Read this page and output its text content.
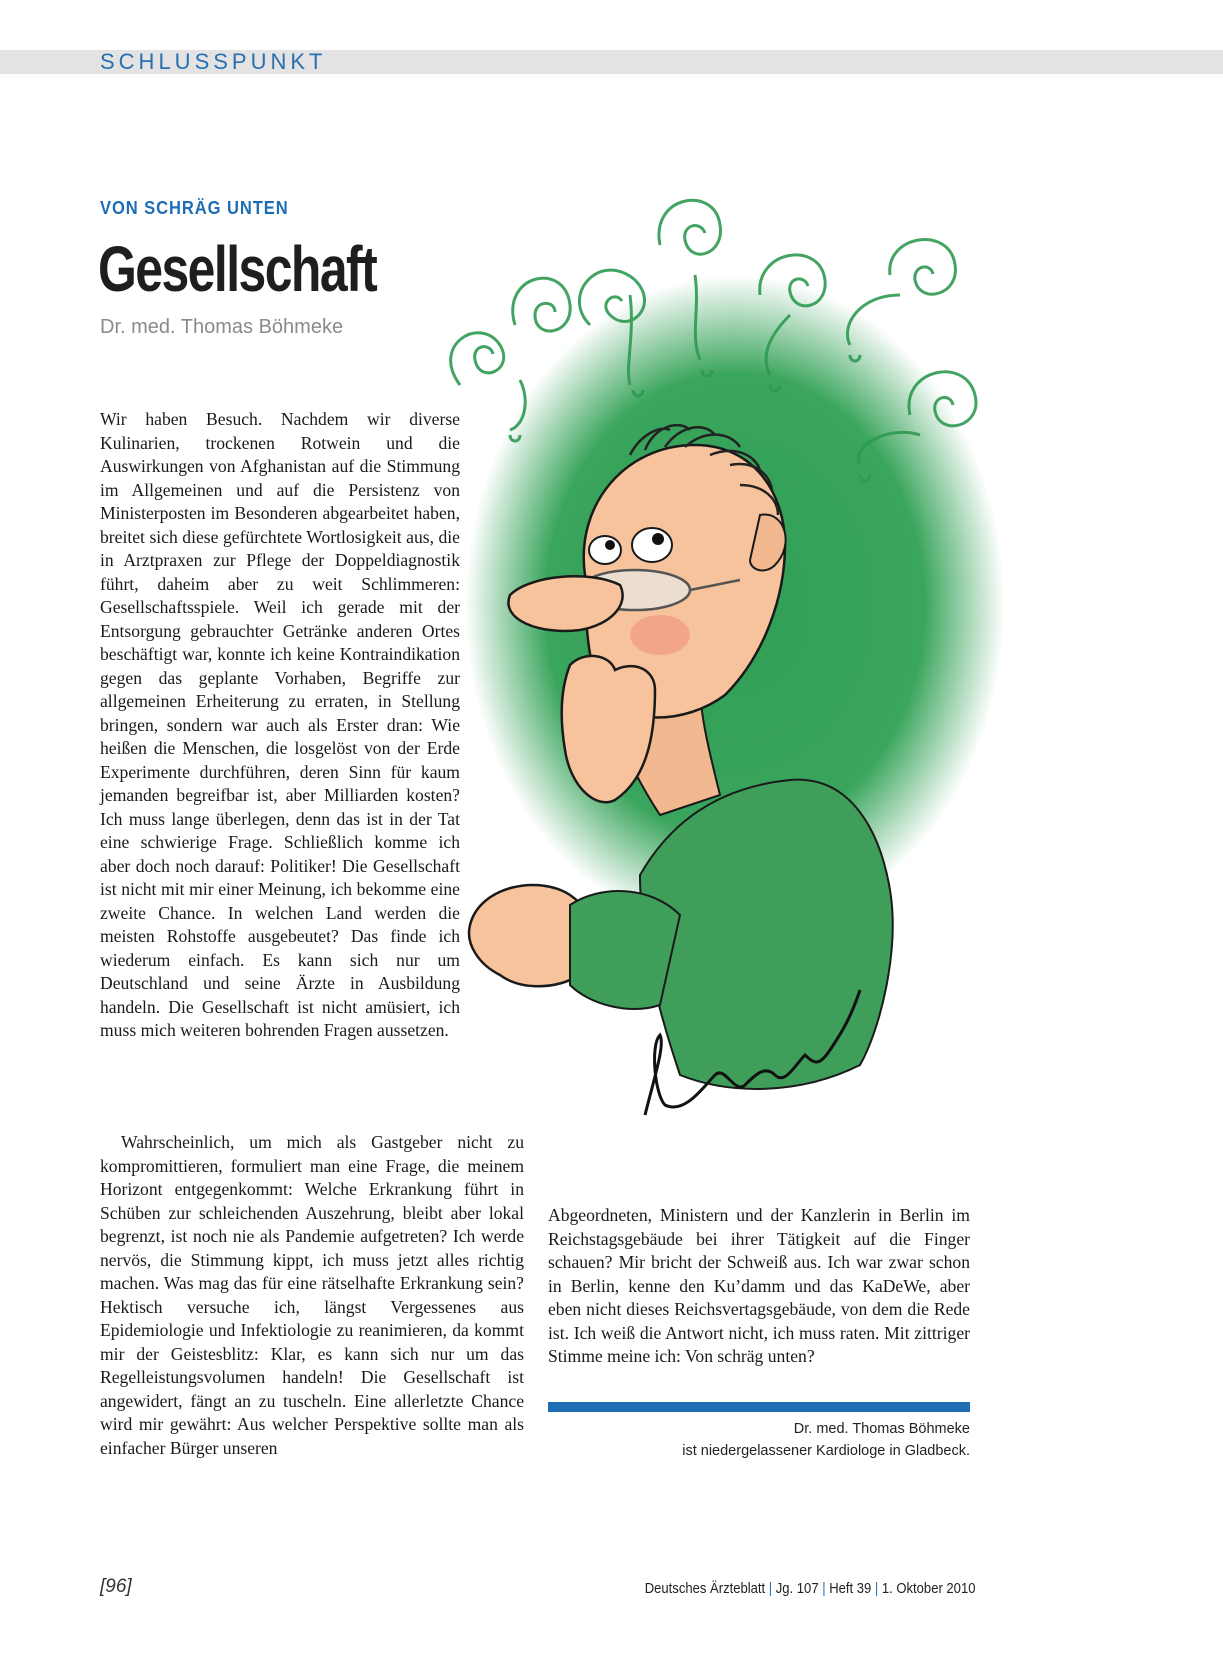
SCHLUSSPUNKT
VON SCHRÄG UNTEN
Gesellschaft
Dr. med. Thomas Böhmeke

Wir haben Besuch. Nachdem wir diverse Kulinarien, trockenen Rotwein und die Auswirkungen von Afghanistan auf die Stimmung im Allgemeinen und auf die Persistenz von Ministerposten im Besonderen abgearbeitet haben, breitet sich diese gefürchtete Wortlosigkeit aus, die in Arztpraxen zur Pflege der Doppeldiagnostik führt, daheim aber zu weit Schlimmeren: Gesellschaftsspiele. Weil ich gerade mit der Entsorgung gebrauchter Getränke anderen Ortes beschäftigt war, konnte ich keine Kontraindikation gegen das geplante Vorhaben, Begriffe zur allgemeinen Erheiterung zu erraten, in Stellung bringen, sondern war auch als Erster dran: Wie heißen die Menschen, die losgelöst von der Erde Experimente durchführen, deren Sinn für kaum jemanden begreifbar ist, aber Milliarden kosten? Ich muss lange überlegen, denn das ist in der Tat eine schwierige Frage. Schließlich komme ich aber doch noch darauf: Politiker! Die Gesellschaft ist nicht mit mir einer Meinung, ich bekomme eine zweite Chance. In welchen Land werden die meisten Rohstoffe ausgebeutet? Das finde ich wiederum einfach. Es kann sich nur um Deutschland und seine Ärzte in Ausbildung handeln. Die Gesellschaft ist nicht amüsiert, ich muss mich weiteren bohrenden Fragen aussetzen.

Wahrscheinlich, um mich als Gastgeber nicht zu kompromittieren, formuliert man eine Frage, die meinem Horizont entgegenkommt: Welche Erkrankung führt in Schüben zur schleichenden Auszehrung, bleibt aber lokal begrenzt, ist noch nie als Pandemie aufgetreten? Ich werde nervös, die Stimmung kippt, ich muss jetzt alles richtig machen. Was mag das für eine rätselhafte Erkrankung sein? Hektisch versuche ich, längst Vergessenes aus Epidemiologie und Infektiologie zu reanimieren, da kommt mir der Geistesblitz: Klar, es kann sich nur um das Regelleistungsvolumen handeln! Die Gesellschaft ist angewidert, fängt an zu tuscheln. Eine allerletzte Chance wird mir gewährt: Aus welcher Perspektive sollte man als einfacher Bürger unseren

Abgeordneten, Ministern und der Kanzlerin in Berlin im Reichstagsgebäude bei ihrer Tätigkeit auf die Finger schauen? Mir bricht der Schweiß aus. Ich war zwar schon in Berlin, kenne den Ku’damm und das KaDeWe, aber eben nicht dieses Reichsvertagsgebäude, von dem die Rede ist. Ich weiß die Antwort nicht, ich muss raten. Mit zittriger Stimme meine ich: Von schräg unten?

Dr. med. Thomas Böhmeke
ist niedergelassener Kardiologe in Gladbeck.
[96]	Deutsches Ärzteblatt | Jg. 107 | Heft 39 | 1. Oktober 2010
